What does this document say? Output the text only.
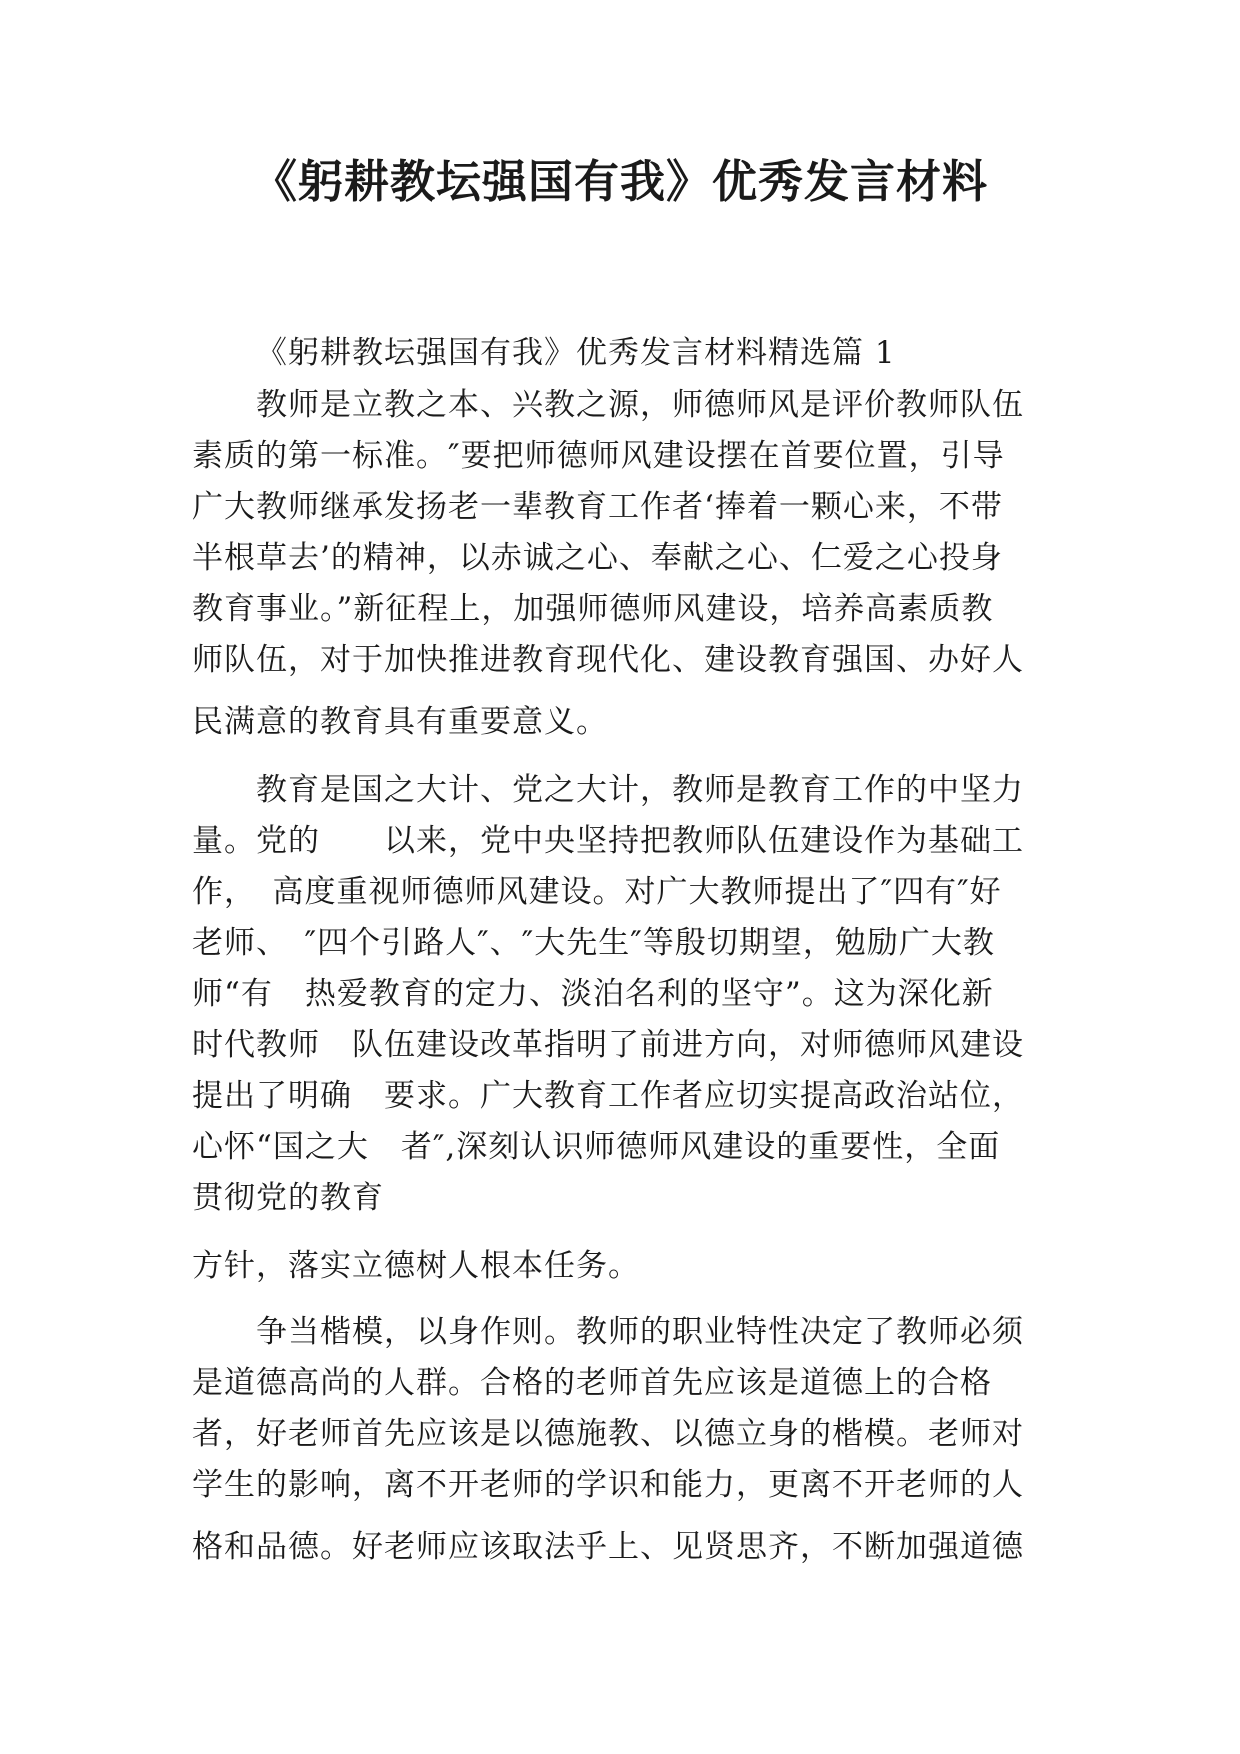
《躬耕教坛强国有我》优秀发言材料
《躬耕教坛强国有我》优秀发言材料精选篇 1
教师是立教之本、兴教之源，师德师风是评价教师队伍
素质的第一标准。″要把师德师风建设摆在首要位置，引导
广大教师继承发扬老一辈教育工作者‘捧着一颗心来，不带
半根草去’的精神，以赤诚之心、奉献之心、仁爱之心投身
教育事业。”新征程上，加强师德师风建设，培养高素质教
师队伍，对于加快推进教育现代化、建设教育强国、办好人
民满意的教育具有重要意义。
教育是国之大计、党之大计，教师是教育工作的中坚力
量。党的　　以来，党中央坚持把教师队伍建设作为基础工
作，　高度重视师德师风建设。对广大教师提出了″四有″好
老师、　″四个引路人″、″大先生″等殷切期望，勉励广大教
师“有　热爱教育的定力、淡泊名利的坚守”。这为深化新
时代教师　队伍建设改革指明了前进方向，对师德师风建设
提出了明确　要求。广大教育工作者应切实提高政治站位，
心怀“国之大　者″,深刻认识师德师风建设的重要性，全面
贯彻党的教育
方针，落实立德树人根本任务。
争当楷模，以身作则。教师的职业特性决定了教师必须
是道德高尚的人群。合格的老师首先应该是道德上的合格
者，好老师首先应该是以德施教、以德立身的楷模。老师对
学生的影响，离不开老师的学识和能力，更离不开老师的人
格和品德。好老师应该取法乎上、见贤思齐，不断加强道德
